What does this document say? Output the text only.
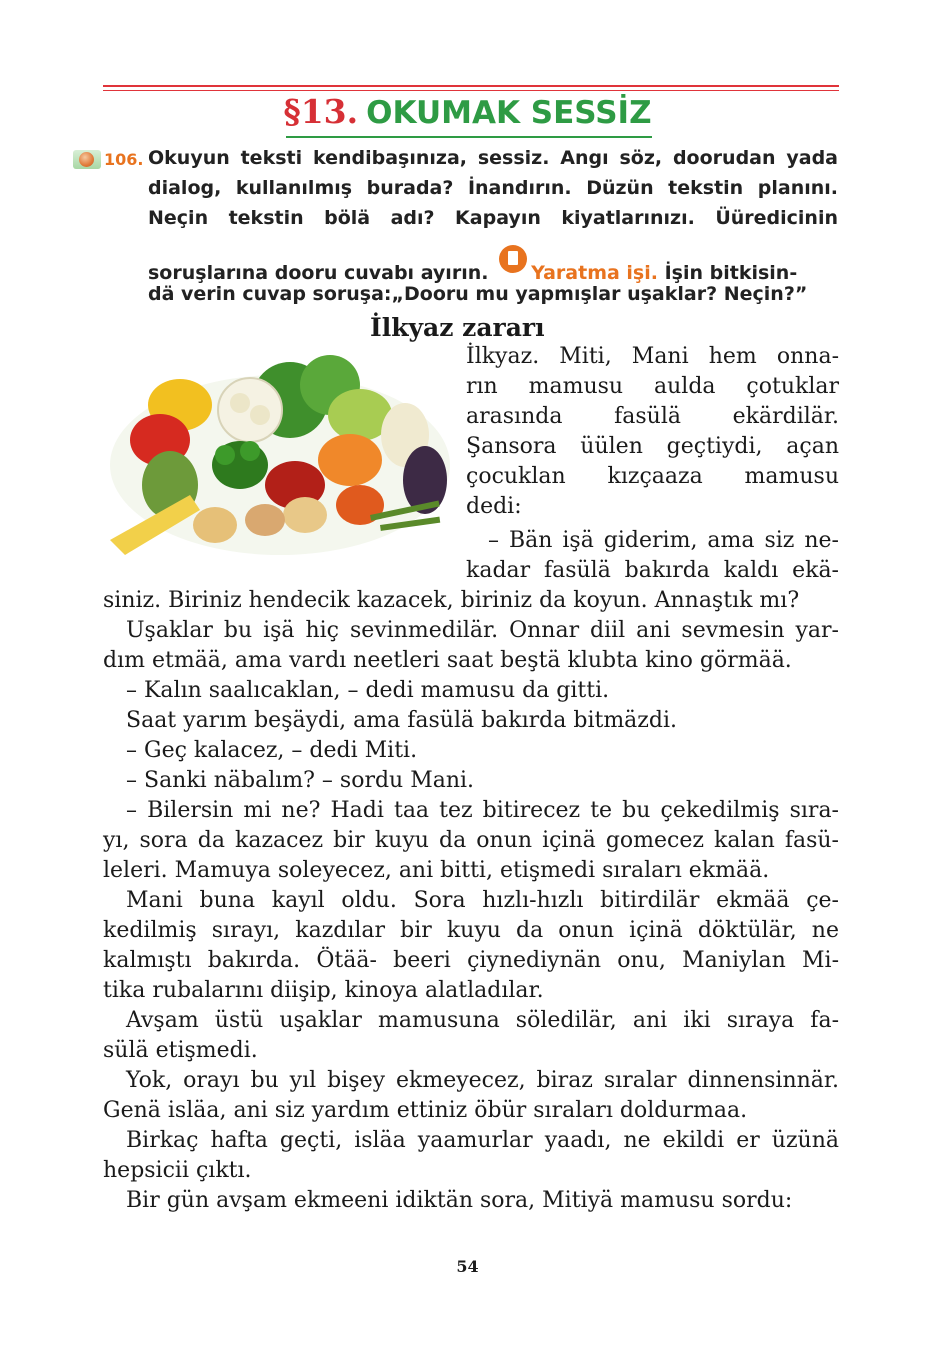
§13. OKUMAK SESSİZ
106. Okuyun teksti kendibaşınıza, sessiz. Angı söz, doorudan yada
dialog, kullanılmış burada? İnandırın. Düzün tekstin planını.
Neçin tekstin bölä adı? Kapayın kiyatlarınızı. Üüredicinin
soruşlarına dooru cuvabı ayırın. Yaratma işi. İşin bitkisin-
dä verin cuvap soruşa:„Dooru mu yapmışlar uşaklar? Neçin?”
İlkyaz zararı
İlkyaz. Miti, Mani hem onna-
rın mamusu aulda çotuklar
arasında fasülä ekärdilär.
Şansora üülen geçtiydi, açan
çocuklan kızçaaza mamusu
dedi:
– Bän işä giderim, ama siz ne-
kadar fasülä bakırda kaldı ekä-
siniz. Biriniz hendecik kazacek, biriniz da koyun. Annaştık mı?
Uşaklar bu işä hiç sevinmedilär. Onnar diil ani sevmesin yar-
dım etmää, ama vardı neetleri saat beştä klubta kino görmää.
– Kalın saalıcaklan, – dedi mamusu da gitti.
Saat yarım beşäydi, ama fasülä bakırda bitmäzdi.
– Geç kalacez, – dedi Miti.
– Sanki näbalım? – sordu Mani.
– Bilersin mi ne? Hadi taa tez bitirecez te bu çekedilmiş sıra-
yı, sora da kazacez bir kuyu da onun içinä gomecez kalan fasü-
leleri. Mamuya soleyecez, ani bitti, etişmedi sıraları ekmää.
Mani buna kayıl oldu. Sora hızlı-hızlı bitirdilär ekmää çe-
kedilmiş sırayı, kazdılar bir kuyu da onun içinä döktülär, ne
kalmıştı bakırda. Ötää- beeri çiynediynän onu, Maniylan Mi-
tika rubalarını diişip, kinoya alatladılar.
Avşam üstü uşaklar mamusuna söledilär, ani iki sıraya fa-
sülä etişmedi.
Yok, orayı bu yıl bişey ekmeyecez, biraz sıralar dinnensinnär.
Genä isläa, ani siz yardım ettiniz öbür sıraları doldurmaa.
Birkaç hafta geçti, isläa yaamurlar yaadı, ne ekildi er üzünä
hepsicii çıktı.
Bir gün avşam ekmeeni idiktän sora, Mitiyä mamusu sordu:
54
